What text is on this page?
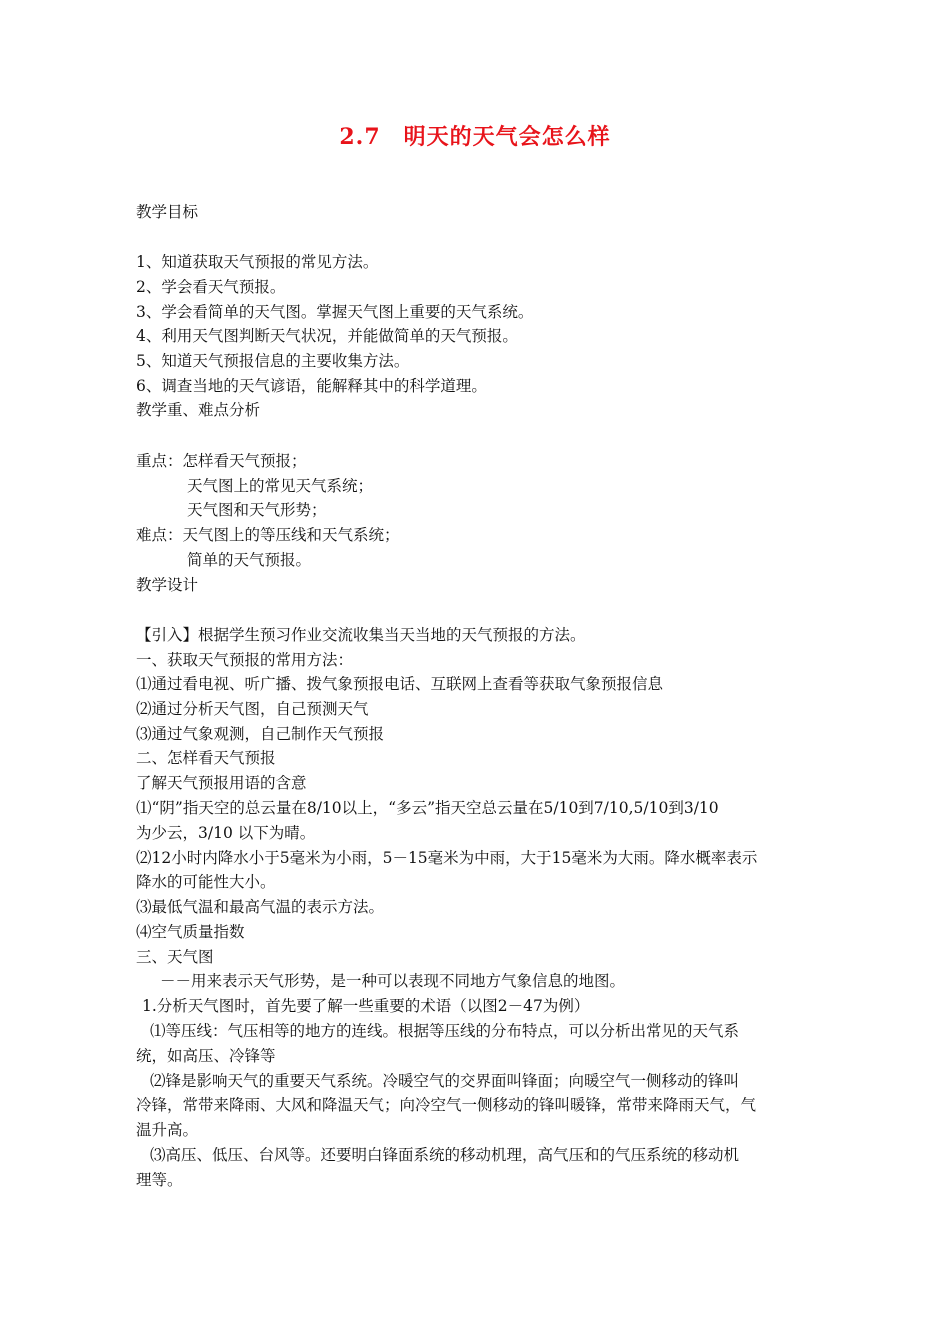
2.7　明天的天气会怎么样
教学目标
1、知道获取天气预报的常见方法。
2、学会看天气预报。
3、学会看简单的天气图。掌握天气图上重要的天气系统。
4、利用天气图判断天气状况，并能做简单的天气预报。
5、知道天气预报信息的主要收集方法。
6、调查当地的天气谚语，能解释其中的科学道理。
教学重、难点分析
重点：怎样看天气预报；
天气图上的常见天气系统；
天气图和天气形势；
难点：天气图上的等压线和天气系统；
简单的天气预报。
教学设计
【引入】根据学生预习作业交流收集当天当地的天气预报的方法。
一、获取天气预报的常用方法：
⑴通过看电视、听广播、拨气象预报电话、互联网上查看等获取气象预报信息
⑵通过分析天气图，自己预测天气
⑶通过气象观测，自己制作天气预报
二、怎样看天气预报
了解天气预报用语的含意
⑴“阴”指天空的总云量在8/10以上，“多云”指天空总云量在5/10到7/10,5/10到3/10
为少云，3/10 以下为晴。
⑵12小时内降水小于5毫米为小雨，5－15毫米为中雨，大于15毫米为大雨。降水概率表示
降水的可能性大小。
⑶最低气温和最高气温的表示方法。
⑷空气质量指数
三、天气图
－－用来表示天气形势，是一种可以表现不同地方气象信息的地图。
1.分析天气图时，首先要了解一些重要的术语（以图2－47为例）
⑴等压线：气压相等的地方的连线。根据等压线的分布特点，可以分析出常见的天气系
统，如高压、冷锋等
⑵锋是影响天气的重要天气系统。冷暖空气的交界面叫锋面；向暖空气一侧移动的锋叫
冷锋，常带来降雨、大风和降温天气；向冷空气一侧移动的锋叫暖锋，常带来降雨天气，气
温升高。
⑶高压、低压、台风等。还要明白锋面系统的移动机理，高气压和的气压系统的移动机
理等。
